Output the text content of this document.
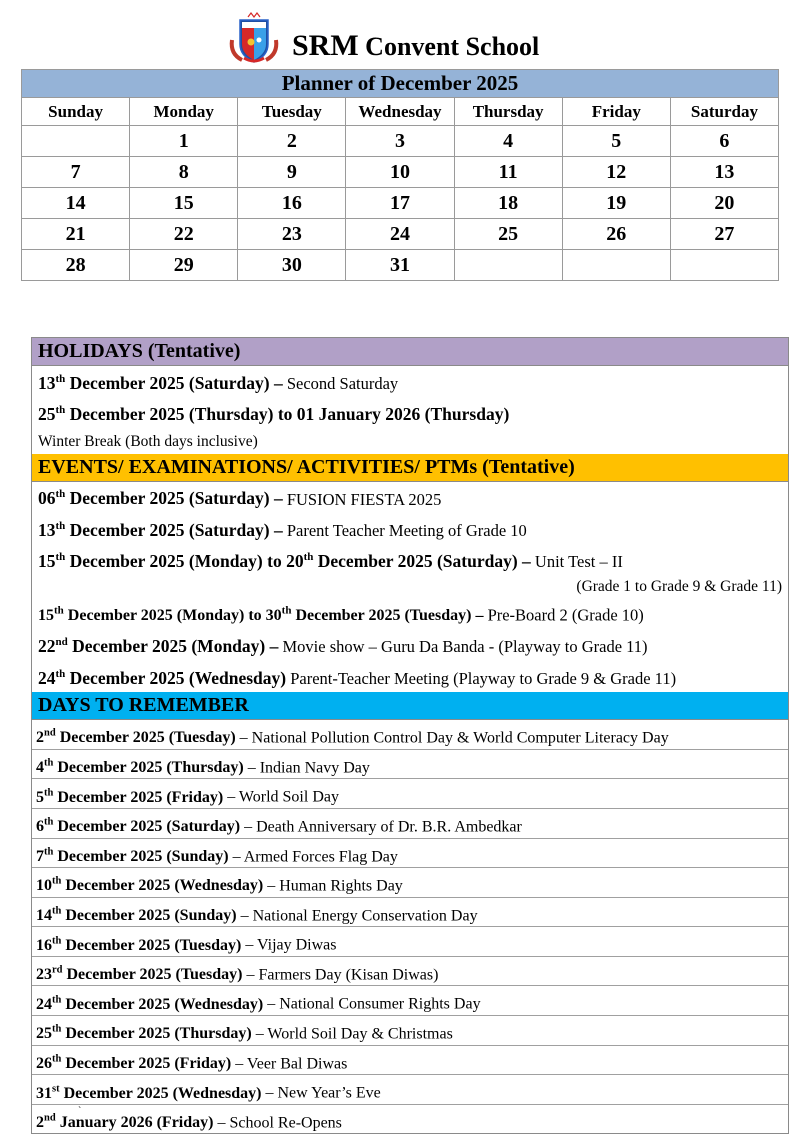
SRM Convent School
Planner of December 2025						
Sunday	Monday	Tuesday	Wednesday	Thursday	Friday	Saturday
	1	2	3	4	5	6
7	8	9	10	11	12	13
14	15	16	17	18	19	20
21	22	23	24	25	26	27
28	29	30	31			
HOLIDAYS (Tentative)
13th December 2025 (Saturday) – Second Saturday
25th December 2025 (Thursday) to 01 January 2026 (Thursday)
Winter Break (Both days inclusive)
EVENTS/ EXAMINATIONS/ ACTIVITIES/ PTMs (Tentative)
06th December 2025 (Saturday) – FUSION FIESTA 2025
13th December 2025 (Saturday) – Parent Teacher Meeting of Grade 10
15th December 2025 (Monday) to 20th December 2025 (Saturday) – Unit Test – II
(Grade 1 to Grade 9 & Grade 11)
15th December 2025 (Monday) to 30th December 2025 (Tuesday) – Pre-Board 2 (Grade 10)
22nd December 2025 (Monday) – Movie show – Guru Da Banda - (Playway to Grade 11)
24th December 2025 (Wednesday) Parent-Teacher Meeting (Playway to Grade 9 & Grade 11)
DAYS TO REMEMBER
2nd December 2025 (Tuesday) – National Pollution Control Day & World Computer Literacy Day
4th December 2025 (Thursday) – Indian Navy Day
5th December 2025 (Friday) – World Soil Day
6th December 2025 (Saturday) – Death Anniversary of Dr. B.R. Ambedkar
7th December 2025 (Sunday) – Armed Forces Flag Day
10th December 2025 (Wednesday) – Human Rights Day
14th December 2025 (Sunday) – National Energy Conservation Day
16th December 2025 (Tuesday) – Vijay Diwas
23rd December 2025 (Tuesday) – Farmers Day (Kisan Diwas)
24th December 2025 (Wednesday) – National Consumer Rights Day
25th December 2025 (Thursday) – World Soil Day & Christmas
26th December 2025 (Friday) – Veer Bal Diwas
31st December 2025 (Wednesday) – New Year’s Eve
2nd January 2026 (Friday) – School Re-Opens
`
